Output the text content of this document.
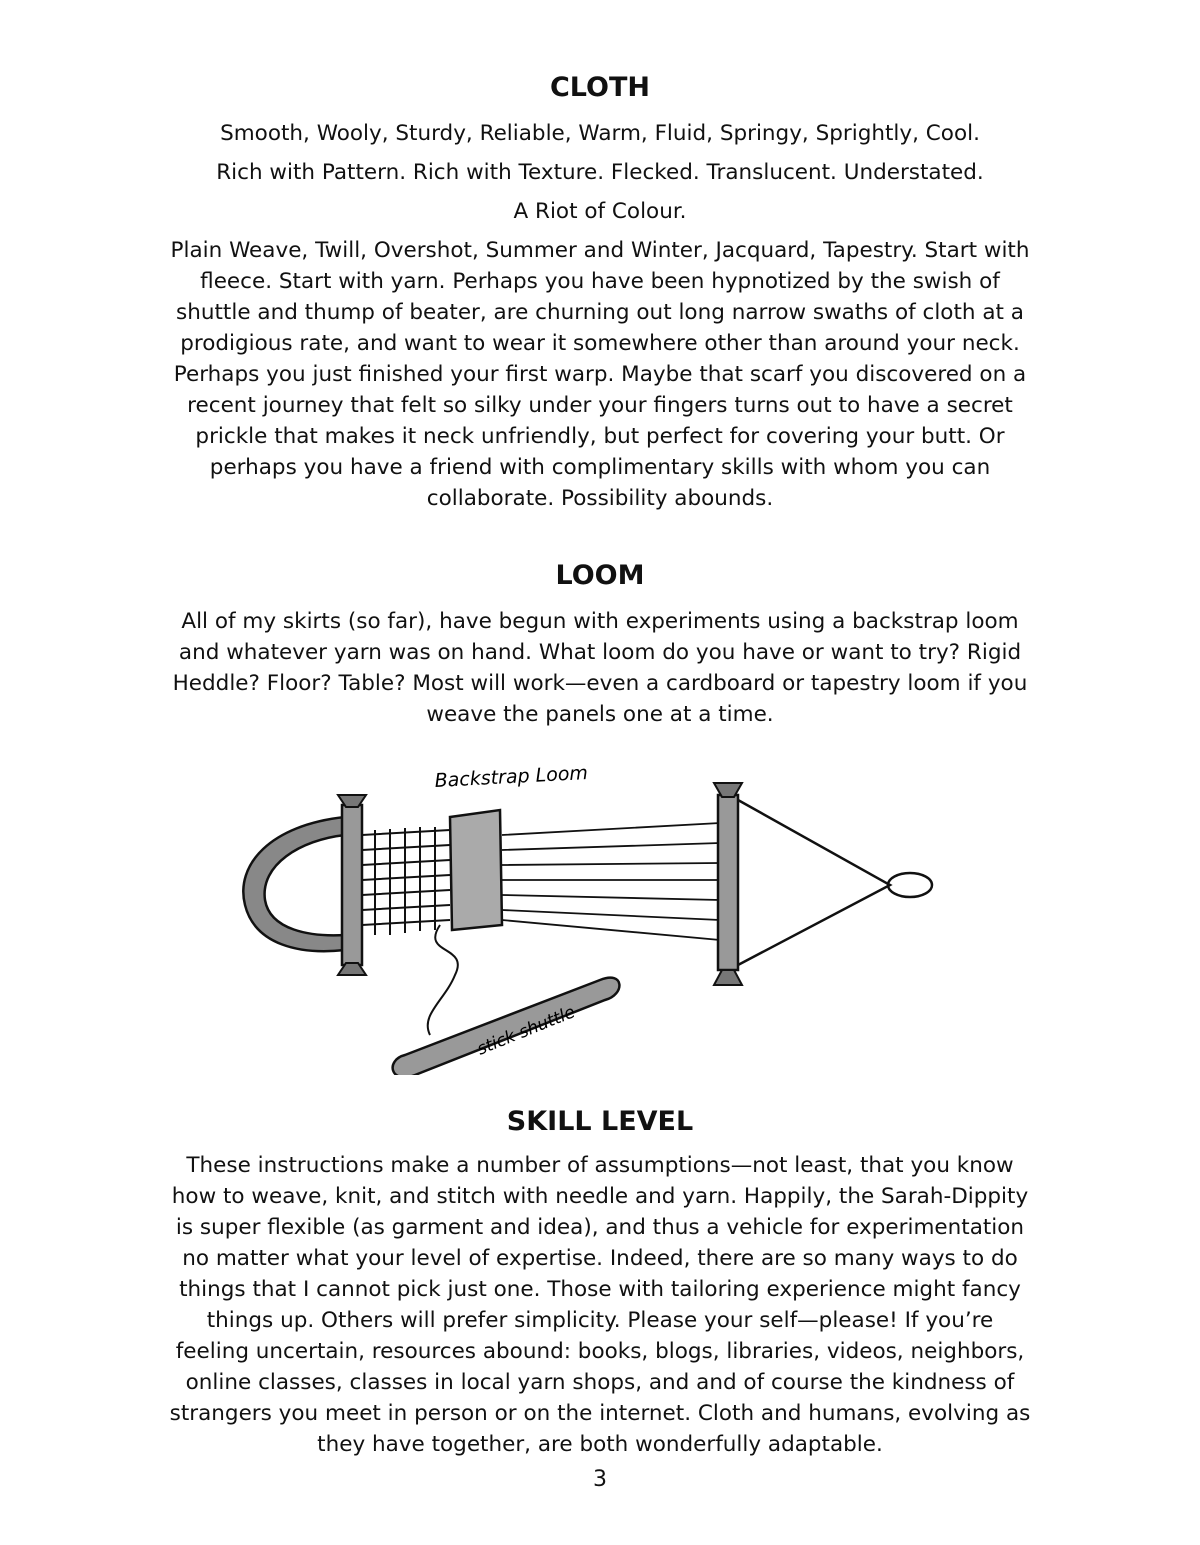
CLOTH
Smooth, Wooly, Sturdy, Reliable, Warm, Fluid, Springy, Sprightly, Cool.
Rich with Pattern. Rich with Texture. Flecked. Translucent. Understated.
A Riot of Colour.
Plain Weave, Twill, Overshot, Summer and Winter, Jacquard, Tapestry. Start with
fleece. Start with yarn. Perhaps you have been hypnotized by the swish of
shuttle and thump of beater, are churning out long narrow swaths of cloth at a
prodigious rate, and want to wear it somewhere other than around your neck.
Perhaps you just finished your first warp. Maybe that scarf you discovered on a
recent journey that felt so silky under your fingers turns out to have a secret
prickle that makes it neck unfriendly, but perfect for covering your butt. Or
perhaps you have a friend with complimentary skills with whom you can
collaborate. Possibility abounds.
LOOM
All of my skirts (so far), have begun with experiments using a backstrap loom
and whatever yarn was on hand. What loom do you have or want to try? Rigid
Heddle? Floor? Table? Most will work—even a cardboard or tapestry loom if you
weave the panels one at a time.
Backstrap Loom
stick shuttle
SKILL LEVEL
These instructions make a number of assumptions—not least, that you know
how to weave, knit, and stitch with needle and yarn. Happily, the Sarah-Dippity
is super flexible (as garment and idea), and thus a vehicle for experimentation
no matter what your level of expertise. Indeed, there are so many ways to do
things that I cannot pick just one. Those with tailoring experience might fancy
things up. Others will prefer simplicity. Please your self—please! If you’re
feeling uncertain, resources abound: books, blogs, libraries, videos, neighbors,
online classes, classes in local yarn shops, and and of course the kindness of
strangers you meet in person or on the internet. Cloth and humans, evolving as
they have together, are both wonderfully adaptable.
3
